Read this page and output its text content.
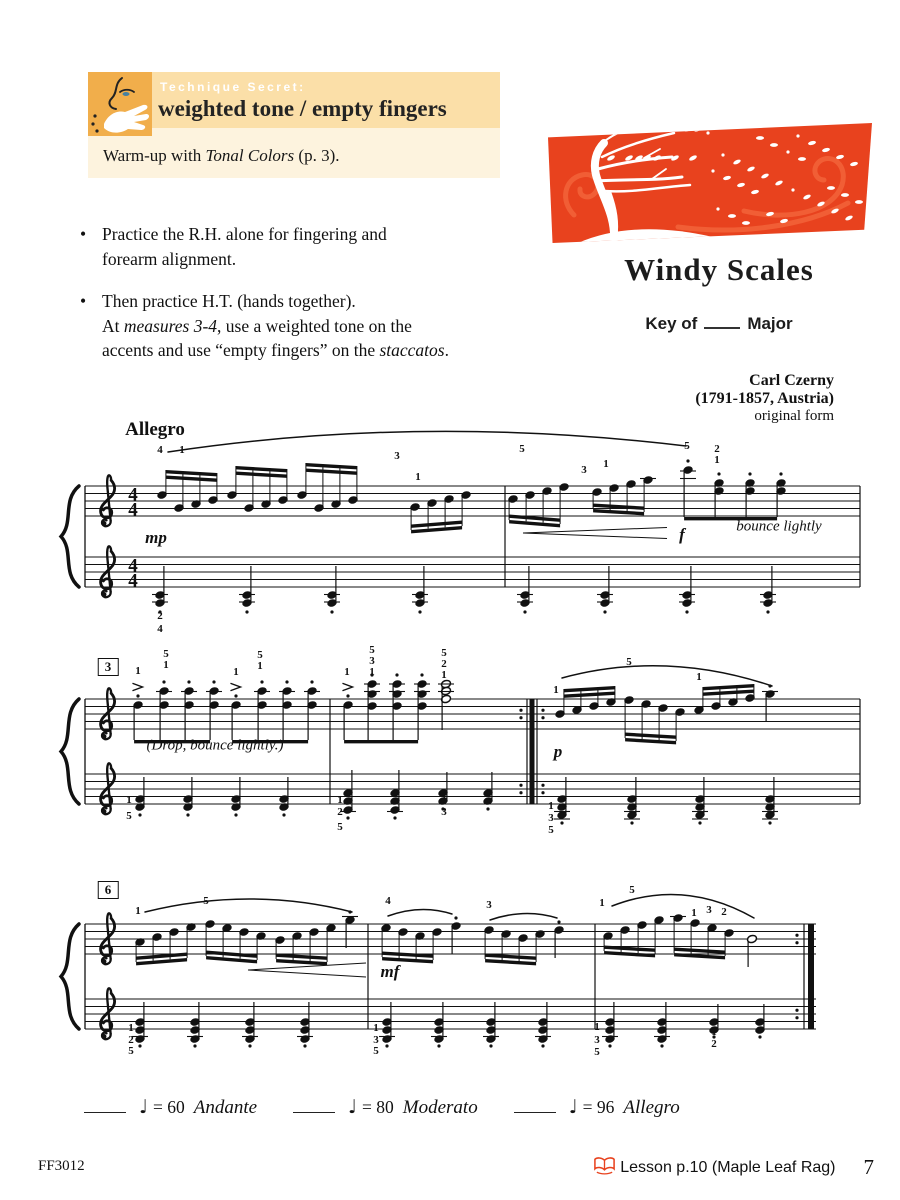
Technique Secret:
weighted tone / empty fingers
Warm-up with Tonal Colors (p. 3).
• Practice the R.H. alone for fingering and
forearm alignment.
• Then practice H.T. (hands together).
At measures 3-4, use a weighted tone on the
accents and use “empty fingers” on the staccatos.
Windy Scales
Key of	Major
Carl Czerny
(1791-1857, Austria)
original form
4
4
4
4
Allegro
4 1	3
1
mp
5
3 1
5 2
1
f	bounce lightly
2
4
3	1
5
1
1
5
1	1
5
3
1
5
2
1
(Drop, bounce lightly.)	p
1
5
1
1
5
1
2
5
1
3	1
3
5
6
1
5	4	3
mf
1
5
1 3 2
1
2
5
1
3
5
1
3
5
1
2
♩ = 60 Andante	♩ = 80 Moderato	♩ = 96 Allegro
FF3012	Lesson p.10 (Maple Leaf Rag) 7
